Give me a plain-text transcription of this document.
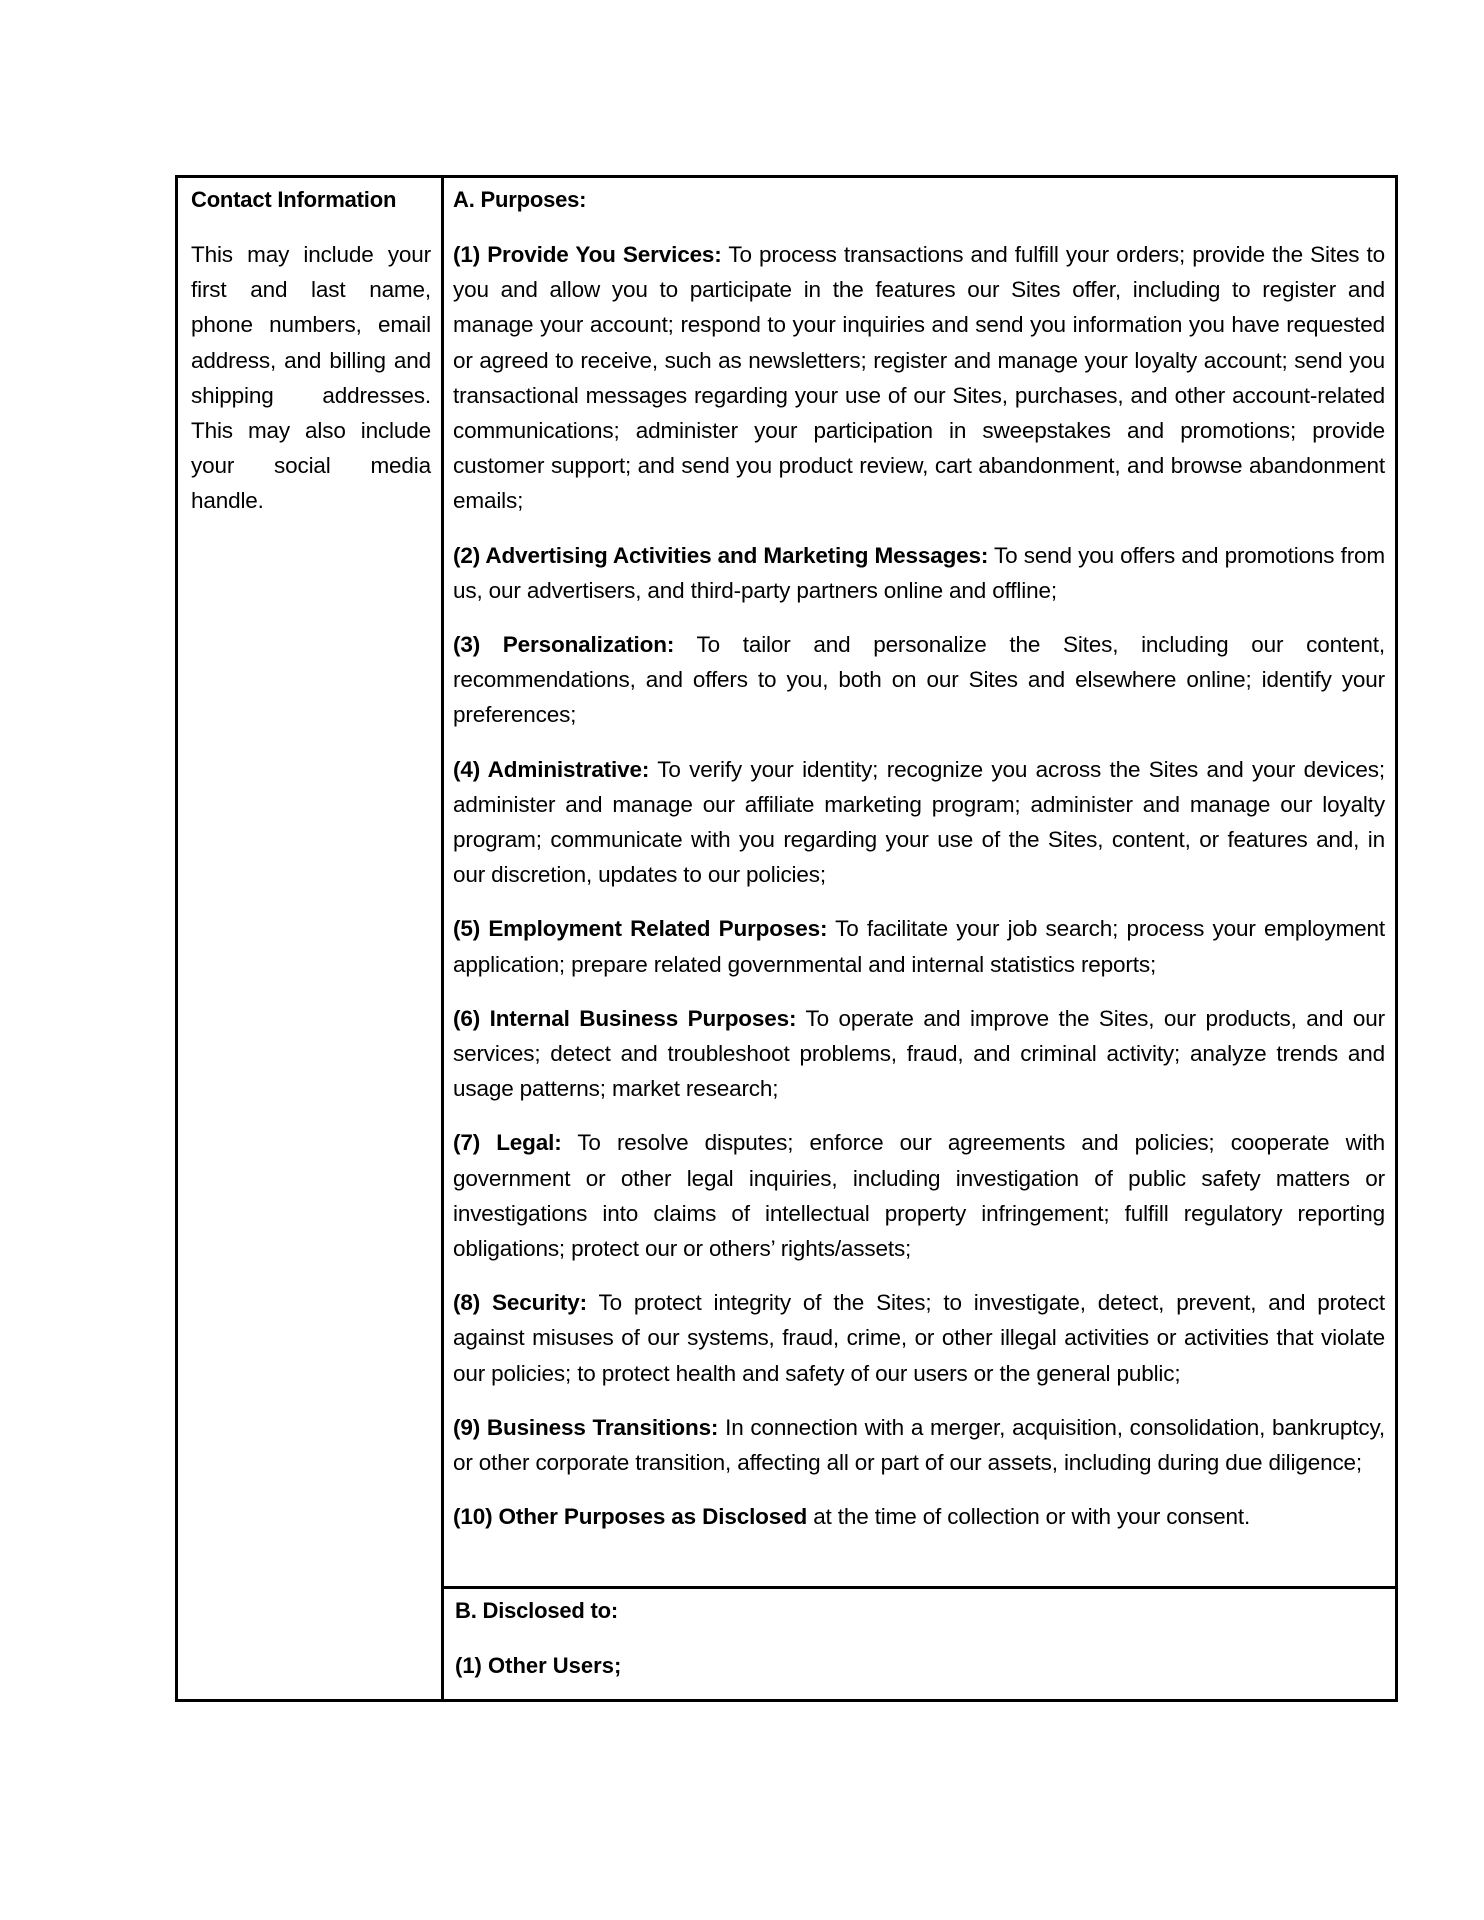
Contact Information

This may include your first and last name, phone numbers, email address, and billing and shipping addresses. This may also include your social media handle.

A. Purposes:

(1) Provide You Services: To process transactions and fulfill your orders; provide the Sites to you and allow you to participate in the features our Sites offer, including to register and manage your account; respond to your inquiries and send you information you have requested or agreed to receive, such as newsletters; register and manage your loyalty account; send you transactional messages regarding your use of our Sites, purchases, and other account-related communications; administer your participation in sweepstakes and promotions; provide customer support; and send you product review, cart abandonment, and browse abandonment emails;

(2) Advertising Activities and Marketing Messages: To send you offers and promotions from us, our advertisers, and third-party partners online and offline;

(3) Personalization: To tailor and personalize the Sites, including our content, recommendations, and offers to you, both on our Sites and elsewhere online; identify your preferences;

(4) Administrative: To verify your identity; recognize you across the Sites and your devices; administer and manage our affiliate marketing program; administer and manage our loyalty program; communicate with you regarding your use of the Sites, content, or features and, in our discretion, updates to our policies;

(5) Employment Related Purposes: To facilitate your job search; process your employment application; prepare related governmental and internal statistics reports;

(6) Internal Business Purposes: To operate and improve the Sites, our products, and our services; detect and troubleshoot problems, fraud, and criminal activity; analyze trends and usage patterns; market research;

(7) Legal: To resolve disputes; enforce our agreements and policies; cooperate with government or other legal inquiries, including investigation of public safety matters or investigations into claims of intellectual property infringement; fulfill regulatory reporting obligations; protect our or others’ rights/assets;

(8) Security: To protect integrity of the Sites; to investigate, detect, prevent, and protect against misuses of our systems, fraud, crime, or other illegal activities or activities that violate our policies; to protect health and safety of our users or the general public;

(9) Business Transitions: In connection with a merger, acquisition, consolidation, bankruptcy, or other corporate transition, affecting all or part of our assets, including during due diligence;

(10) Other Purposes as Disclosed at the time of collection or with your consent.

B. Disclosed to:

(1) Other Users;
